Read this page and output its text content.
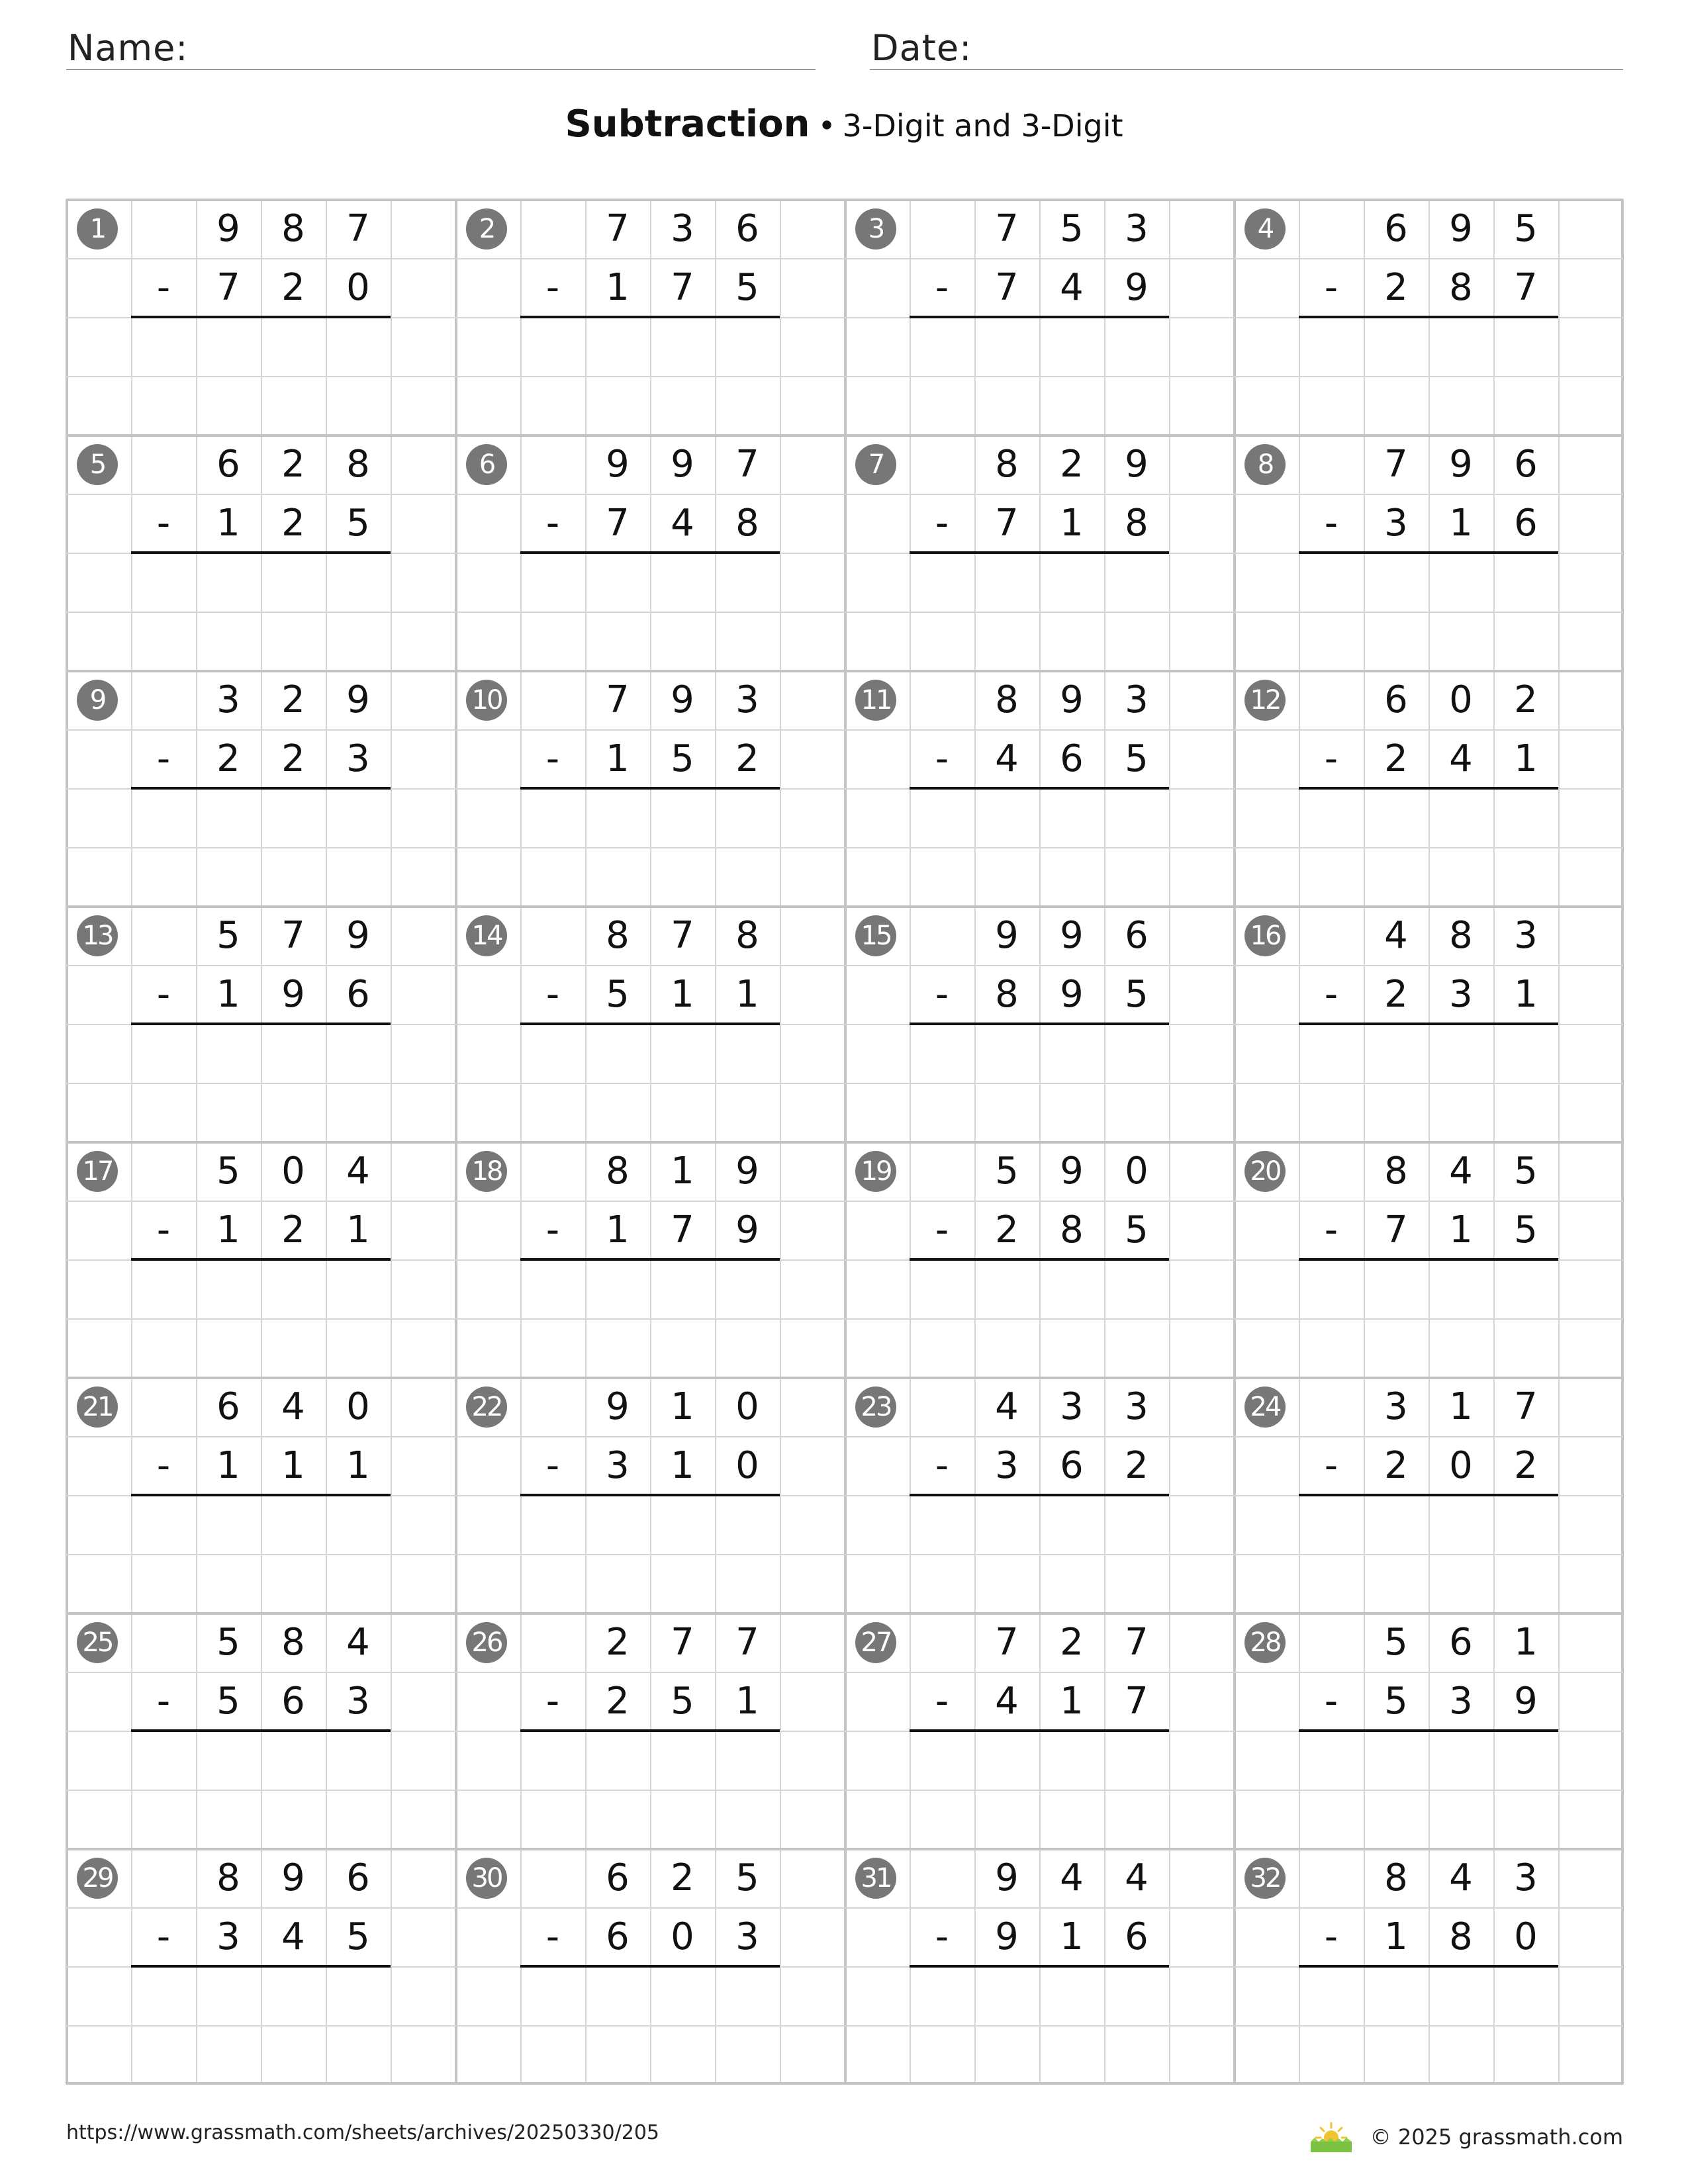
Name:	Date:
Subtraction • 3-Digit and 3-Digit
1	9	8	7
-	7	2	0
2	7	3	6
-	1	7	5
3	7	5	3
-	7	4	9
4	6	9	5
-	2	8	7
5	6	2	8
-	1	2	5
6	9	9	7
-	7	4	8
7	8	2	9
-	7	1	8
8	7	9	6
-	3	1	6
9	3	2	9
-	2	2	3
10	7	9	3
-	1	5	2
11	8	9	3
-	4	6	5
12	6	0	2
-	2	4	1
13	5	7	9
-	1	9	6
14	8	7	8
-	5	1	1
15	9	9	6
-	8	9	5
16	4	8	3
-	2	3	1
17	5	0	4
-	1	2	1
18	8	1	9
-	1	7	9
19	5	9	0
-	2	8	5
20	8	4	5
-	7	1	5
21	6	4	0
-	1	1	1
22	9	1	0
-	3	1	0
23	4	3	3
-	3	6	2
24	3	1	7
-	2	0	2
25	5	8	4
-	5	6	3
26	2	7	7
-	2	5	1
27	7	2	7
-	4	1	7
28	5	6	1
-	5	3	9
29	8	9	6
-	3	4	5
30	6	2	5
-	6	0	3
31	9	4	4
-	9	1	6
32	8	4	3
-	1	8	0
https://www.grassmath.com/sheets/archives/20250330/205	© 2025 grassmath.com
